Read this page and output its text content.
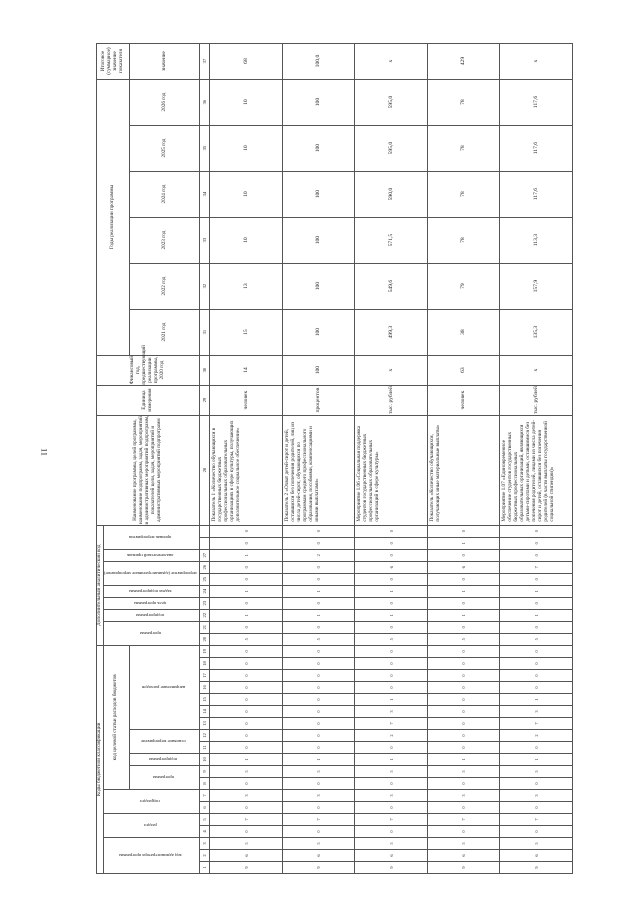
11
Коды бюджетной классификации																			Дополнительный аналитический код										Наименование программы, целей программы, наименование подпрограмм, задач, мероприятий и административных мероприятий подпрограмм, показателей цели, задач, мероприятий и административных мероприятий подпрограмм	Единица измерения	Финансовый год, предшествующий реализации программы, 2020 год	Годы реализации программы						Итоговое (суммарное) значение показателя
код администратора программы			раздел		подраздел		код целевой статьи расходов бюджетов												программа		подпрограмма	цель программы	задача подпрограммы	мероприятие (административное мероприятие)		аналитический признак	признак мероприятия											
							программа		подпрограмма	основное мероприятие		направление расходов																				2021 год	2022 год	2023 год	2024 год	2025 год	2026 год	значение
1	2	3	4	5	6	7	8	9	10	11	12	13	14	15	16	17	18	19	20	21	22	23	24	25	26	27			28	29	30	31	32	33	34	35	36	37
9	6	5	0	7	0	3	0	5	1	0	0	0	0	0	0	0	0	0	5	0	1	0	1	0	0	1	0	0	Показатель 1 «Количество обучающихся в государственных бюджетных профессиональных образовательных организациях в сфере культуры, получающих дополнительное социальное обеспечение»	человек	14	15	13	10	10	10	10	68
9	6	5	0	7	0	3	0	5	1	0	0	0	0	0	0	0	0	0	5	0	1	0	1	0	0	2	0	0	Показатель 2 «Охват детей-сирот и детей, оставшихся без попечения родителей, лиц из числа детей-сирот, обучающихся по программам среднего профессионального образования, пособиями, компенсациями и иными выплатами»	процентов	100	100	100	100	100	100	100	100,0
9	6	5	0	7	0	3	0	5	1	0	2	7	3	1	0	0	0	0	5	0	1	0	1	0	6	0	0	0	Мероприятие 1.06 «Социальная поддержка студентов государственных бюджетных профессиональных образовательных организаций в сфере культуры»	тыс. рублей	х	499,3	549,6	571,5	590,0	595,0	595,0	х
9	6	5	0	7	0	3	0	5	1	0	0	0	0	0	0	0	0	0	5	0	1	0	1	0	6	0	1	0	Показатель «Количество обучающихся, получающих иные материальные выплаты»	человек	63	38	79	78	78	78	78	429
9	6	5	0	7	0	3	0	5	1	0	2	7	3	1	0	0	0	0	5	0	1	0	1	0	7	0	0	0	Мероприятие 1.07 «Единовременное обеспечение студентов государственных бюджетных профессиональных образовательных организаций, являющихся детьми-сиротами и детьми, оставшимися без попечения родителей, лицами из числа детей-сирот и детей, оставшихся без попечения родителей (в части выплаты государственной социальной стипендии)»	тыс. рублей	х	135,3	157,9	113,3	117,6	117,6	117,6	х
